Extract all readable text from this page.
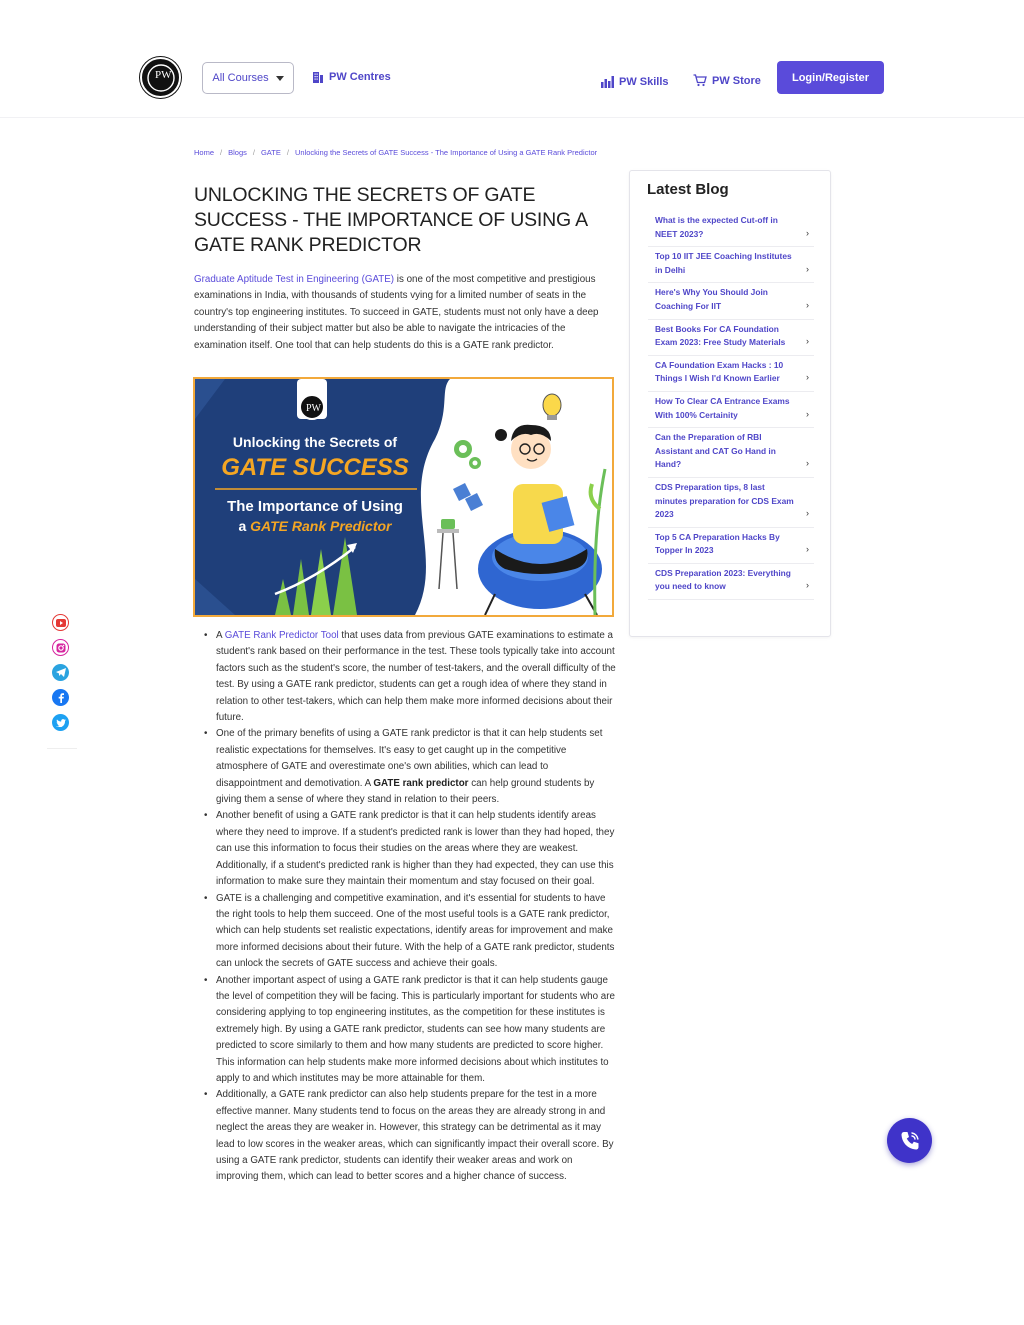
PW	All Courses	PW Centres	PW Skills	PW Store	Login/Register
Home / Blogs / GATE / Unlocking the Secrets of GATE Success - The Importance of Using a GATE Rank Predictor
UNLOCKING THE SECRETS OF GATE SUCCESS - THE IMPORTANCE OF USING A GATE RANK PREDICTOR

Graduate Aptitude Test in Engineering (GATE) is one of the most competitive and prestigious examinations in India, with thousands of students vying for a limited number of seats in the country's top engineering institutes. To succeed in GATE, students must not only have a deep understanding of their subject matter but also be able to navigate the intricacies of the examination itself. One tool that can help students do this is a GATE rank predictor.

PW
Unlocking the Secrets of
GATE SUCCESS
The Importance of Using
a GATE Rank Predictor
• A GATE Rank Predictor Tool that uses data from previous GATE examinations to estimate a student's rank based on their performance in the test. These tools typically take into account factors such as the student's score, the number of test-takers, and the overall difficulty of the test. By using a GATE rank predictor, students can get a rough idea of where they stand in relation to other test-takers, which can help them make more informed decisions about their future.
• One of the primary benefits of using a GATE rank predictor is that it can help students set realistic expectations for themselves. It's easy to get caught up in the competitive atmosphere of GATE and overestimate one's own abilities, which can lead to disappointment and demotivation. A GATE rank predictor can help ground students by giving them a sense of where they stand in relation to their peers.
• Another benefit of using a GATE rank predictor is that it can help students identify areas where they need to improve. If a student's predicted rank is lower than they had hoped, they can use this information to focus their studies on the areas where they are weakest. Additionally, if a student's predicted rank is higher than they had expected, they can use this information to make sure they maintain their momentum and stay focused on their goal.
• GATE is a challenging and competitive examination, and it's essential for students to have the right tools to help them succeed. One of the most useful tools is a GATE rank predictor, which can help students set realistic expectations, identify areas for improvement and make more informed decisions about their future. With the help of a GATE rank predictor, students can unlock the secrets of GATE success and achieve their goals.
• Another important aspect of using a GATE rank predictor is that it can help students gauge the level of competition they will be facing. This is particularly important for students who are considering applying to top engineering institutes, as the competition for these institutes is extremely high. By using a GATE rank predictor, students can see how many students are predicted to score similarly to them and how many students are predicted to score higher. This information can help students make more informed decisions about which institutes to apply to and which institutes may be more attainable for them.
• Additionally, a GATE rank predictor can also help students prepare for the test in a more effective manner. Many students tend to focus on the areas they are already strong in and neglect the areas they are weaker in. However, this strategy can be detrimental as it may lead to low scores in the weaker areas, which can significantly impact their overall score. By using a GATE rank predictor, students can identify their weaker areas and work on improving them, which can lead to better scores and a higher chance of success.
Latest Blog
What is the expected Cut-off in NEET 2023?	›
Top 10 IIT JEE Coaching Institutes in Delhi	›
Here's Why You Should Join Coaching For IIT	›
Best Books For CA Foundation Exam 2023: Free Study Materials ›
CA Foundation Exam Hacks : 10 Things I Wish I'd Known Earlier	›
How To Clear CA Entrance Exams With 100% Certainity	›
Can the Preparation of RBI Assistant and CAT Go Hand in Hand?	›
CDS Preparation tips, 8 last minutes preparation for CDS Exam 2023	›
Top 5 CA Preparation Hacks By Topper In 2023	›
CDS Preparation 2023: Everything you need to know	›
